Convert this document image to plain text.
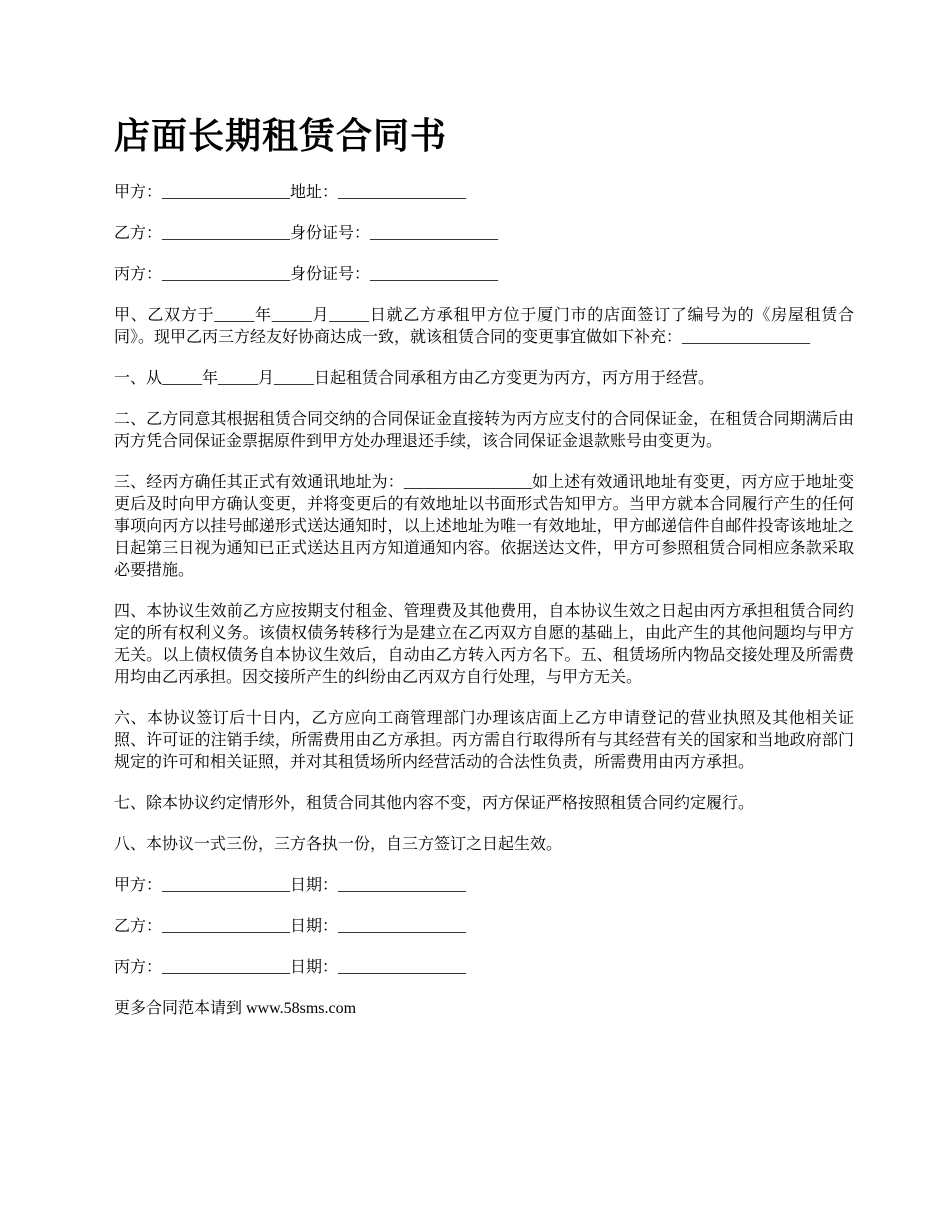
店面长期租赁合同书

甲方：________________地址：________________

乙方：________________身份证号：________________

丙方：________________身份证号：________________

甲、乙双方于_____年_____月_____日就乙方承租甲方位于厦门市的店面签订了编号为的《房屋租赁合同》。现甲乙丙三方经友好协商达成一致，就该租赁合同的变更事宜做如下补充：________________

一、从_____年_____月_____日起租赁合同承租方由乙方变更为丙方，丙方用于经营。

二、乙方同意其根据租赁合同交纳的合同保证金直接转为丙方应支付的合同保证金，在租赁合同期满后由丙方凭合同保证金票据原件到甲方处办理退还手续，该合同保证金退款账号由变更为。

三、经丙方确任其正式有效通讯地址为：________________如上述有效通讯地址有变更，丙方应于地址变更后及时向甲方确认变更，并将变更后的有效地址以书面形式告知甲方。当甲方就本合同履行产生的任何事项向丙方以挂号邮递形式送达通知时，以上述地址为唯一有效地址，甲方邮递信件自邮件投寄该地址之日起第三日视为通知已正式送达且丙方知道通知内容。依据送达文件，甲方可参照租赁合同相应条款采取必要措施。

四、本协议生效前乙方应按期支付租金、管理费及其他费用，自本协议生效之日起由丙方承担租赁合同约定的所有权利义务。该债权债务转移行为是建立在乙丙双方自愿的基础上，由此产生的其他问题均与甲方无关。以上债权债务自本协议生效后，自动由乙方转入丙方名下。五、租赁场所内物品交接处理及所需费用均由乙丙承担。因交接所产生的纠纷由乙丙双方自行处理，与甲方无关。

六、本协议签订后十日内，乙方应向工商管理部门办理该店面上乙方申请登记的营业执照及其他相关证照、许可证的注销手续，所需费用由乙方承担。丙方需自行取得所有与其经营有关的国家和当地政府部门规定的许可和相关证照，并对其租赁场所内经营活动的合法性负责，所需费用由丙方承担。

七、除本协议约定情形外，租赁合同其他内容不变，丙方保证严格按照租赁合同约定履行。

八、本协议一式三份，三方各执一份，自三方签订之日起生效。

甲方：________________日期：________________

乙方：________________日期：________________

丙方：________________日期：________________

更多合同范本请到 www.58sms.com
